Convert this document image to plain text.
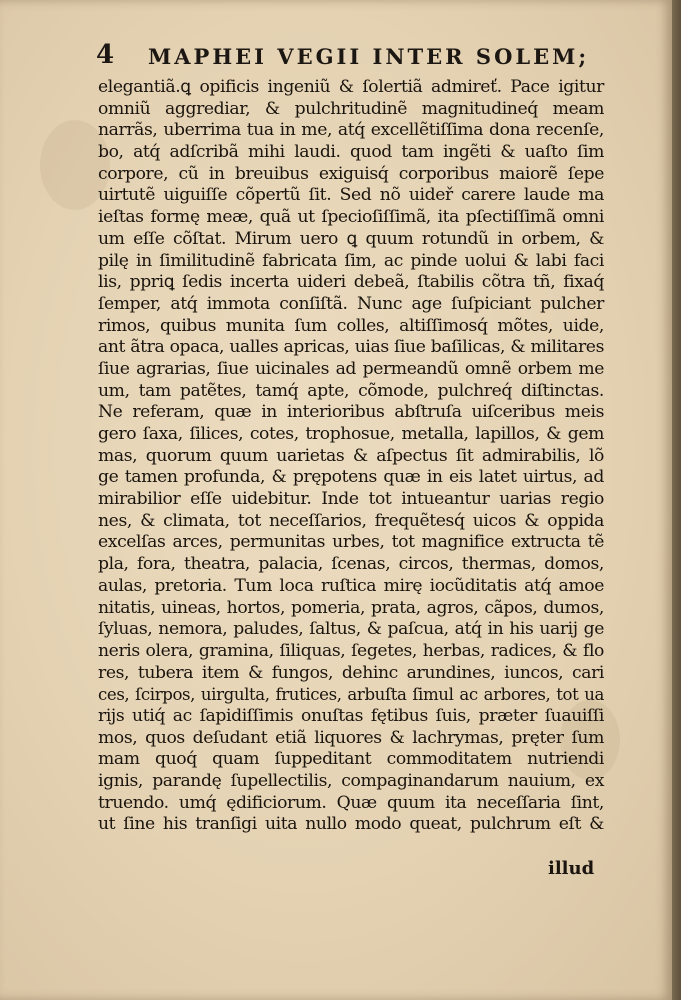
4 MAPHEI VEGII INTER SOLEM;
elegantiã.ꝗ opificis ingeniũ & ſolertiã admireť. Pace igitur
omniũ aggrediar, & pulchritudinẽ magnitudineq́ meam
narrãs, uberrima tua in me, atq́ excellẽtiſſima dona recenſe,
bo, atq́ adſcribã mihi laudi. quod tam ingẽti & uaſto ſim
corpore, cũ in breuibus exiguisq́ corporibus maiorẽ ſepe
uirtutẽ uiguiſſe cõpertũ ſit. Sed nõ uideř carere laude ma
ieſtas formę meæ, quã ut ſpecioſiſſimã, ita pſectiſſimã omni
um eſſe cõſtat. Mirum uero ꝗ quum rotundũ in orbem, &
pilę in ſimilitudinẽ fabricata ſim, ac pinde uolui & labi faci
lis, ppriꝗ ſedis incerta uideri debeã, ſtabilis cõtra tñ, fixaq́
ſemper, atq́ immota conſiſtã. Nunc age ſuſpiciant pulcher
rimos, quibus munita ſum colles, altiſſimosq́ mõtes, uide,
ant ãtra opaca, ualles apricas, uias ſiue baſilicas, & militares
ſiue agrarias, ſiue uicinales ad permeandũ omnẽ orbem me
um, tam patẽtes, tamq́ apte, cõmode, pulchreq́ diſtinctas.
Ne referam, quæ in interioribus abſtruſa uiſceribus meis
gero ſaxa, ſilices, cotes, trophosue, metalla, lapillos, & gem
mas, quorum quum uarietas & aſpectus ſit admirabilis, lõ
ge tamen profunda, & prępotens quæ in eis latet uirtus, ad
mirabilior eſſe uidebitur. Inde tot intueantur uarias regio
nes, & climata, tot neceſſarios, frequẽtesq́ uicos & oppida
excelſas arces, permunitas urbes, tot magnifice extructa tẽ
pla, fora, theatra, palacia, ſcenas, circos, thermas, domos,
aulas, pretoria. Tum loca ruſtica mirę iocũditatis atq́ amoe
nitatis, uineas, hortos, pomeria, prata, agros, cãpos, dumos,
ſyluas, nemora, paludes, ſaltus, & paſcua, atq́ in his uarij ge
neris olera, gramina, ſiliquas, ſegetes, herbas, radices, & flo
res, tubera item & fungos, dehinc arundines, iuncos, cari
ces, ſcirpos, uirgulta, frutices, arbuſta ſimul ac arbores, tot ua
rijs utiq́ ac ſapidiſſimis onuſtas fętibus ſuis, præter ſuauiſſi
mos, quos deſudant etiã liquores & lachrymas, pręter ſum
mam quoq́ quam ſuppeditant commoditatem nutriendi
ignis, parandę ſupellectilis, compaginandarum nauium, ex
truendo. umq́ ędificiorum. Quæ quum ita neceſſaria ſint,
ut ſine his tranſigi uita nullo modo queat, pulchrum eſt &
illud
